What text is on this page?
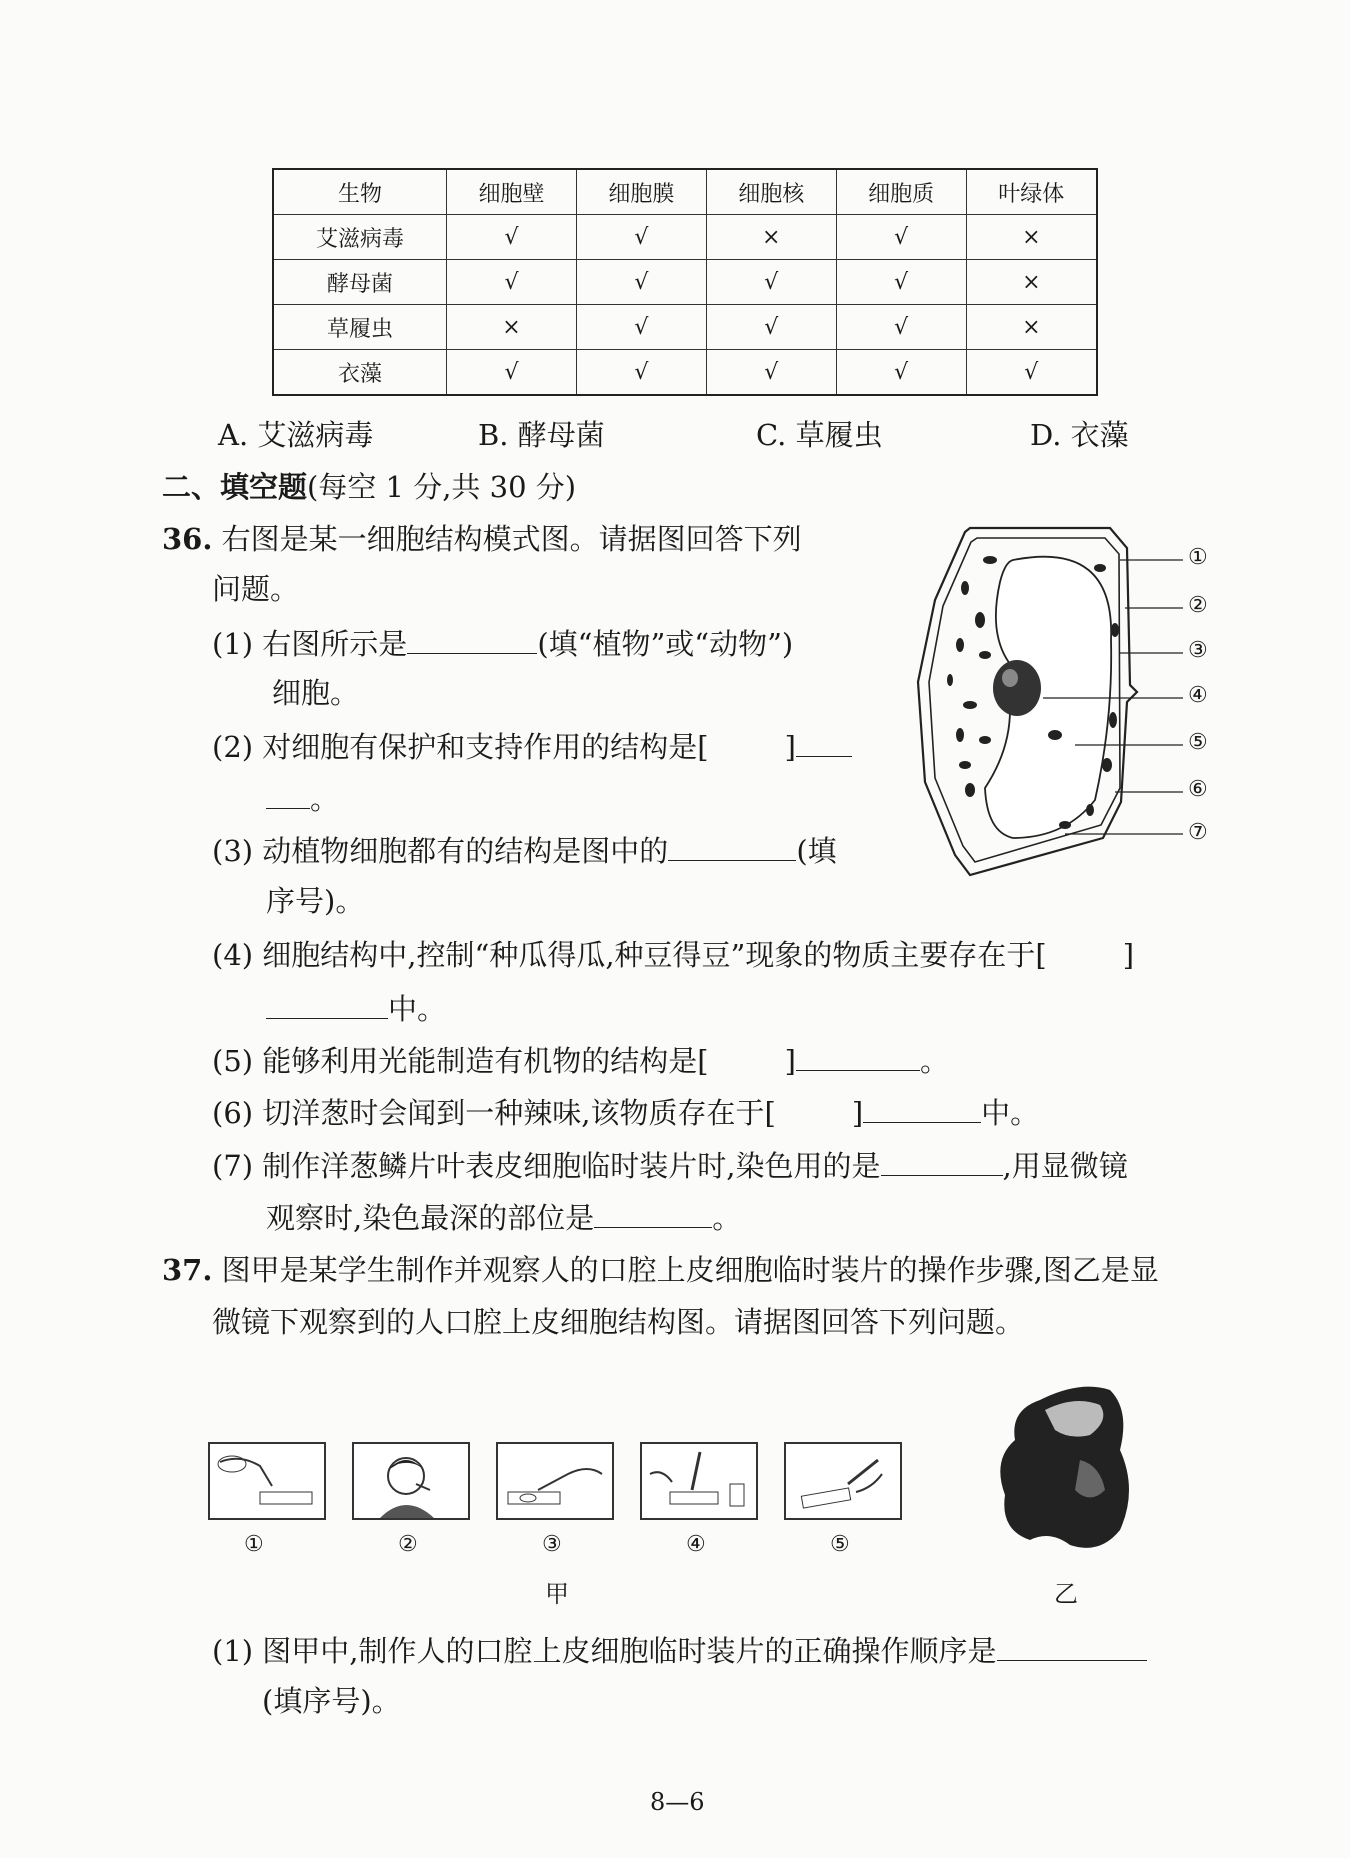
生物	细胞壁	细胞膜	细胞核	细胞质	叶绿体
艾滋病毒	√	√	×	√	×
酵母菌	√	√	√	√	×
草履虫	×	√	√	√	×
衣藻	√	√	√	√	√
A. 艾滋病毒	B. 酵母菌	C. 草履虫	D. 衣藻
二、填空题(每空 1 分,共 30 分)
36. 右图是某一细胞结构模式图。请据图回答下列
问题。
(1) 右图所示是	(填“植物”或“动物”)
细胞。
(2) 对细胞有保护和支持作用的结构是[	]
。
(3) 动植物细胞都有的结构是图中的	(填
序号)。
(4) 细胞结构中,控制“种瓜得瓜,种豆得豆”现象的物质主要存在于[	]
中。
(5) 能够利用光能制造有机物的结构是[	]	。
(6) 切洋葱时会闻到一种辣味,该物质存在于[	]	中。
(7) 制作洋葱鳞片叶表皮细胞临时装片时,染色用的是	,用显微镜
观察时,染色最深的部位是	。
①
②
③
④
⑤
⑥
⑦
37. 图甲是某学生制作并观察人的口腔上皮细胞临时装片的操作步骤,图乙是显
微镜下观察到的人口腔上皮细胞结构图。请据图回答下列问题。
①	②	③	④	⑤
甲	乙
(1) 图甲中,制作人的口腔上皮细胞临时装片的正确操作顺序是
(填序号)。
8—6
